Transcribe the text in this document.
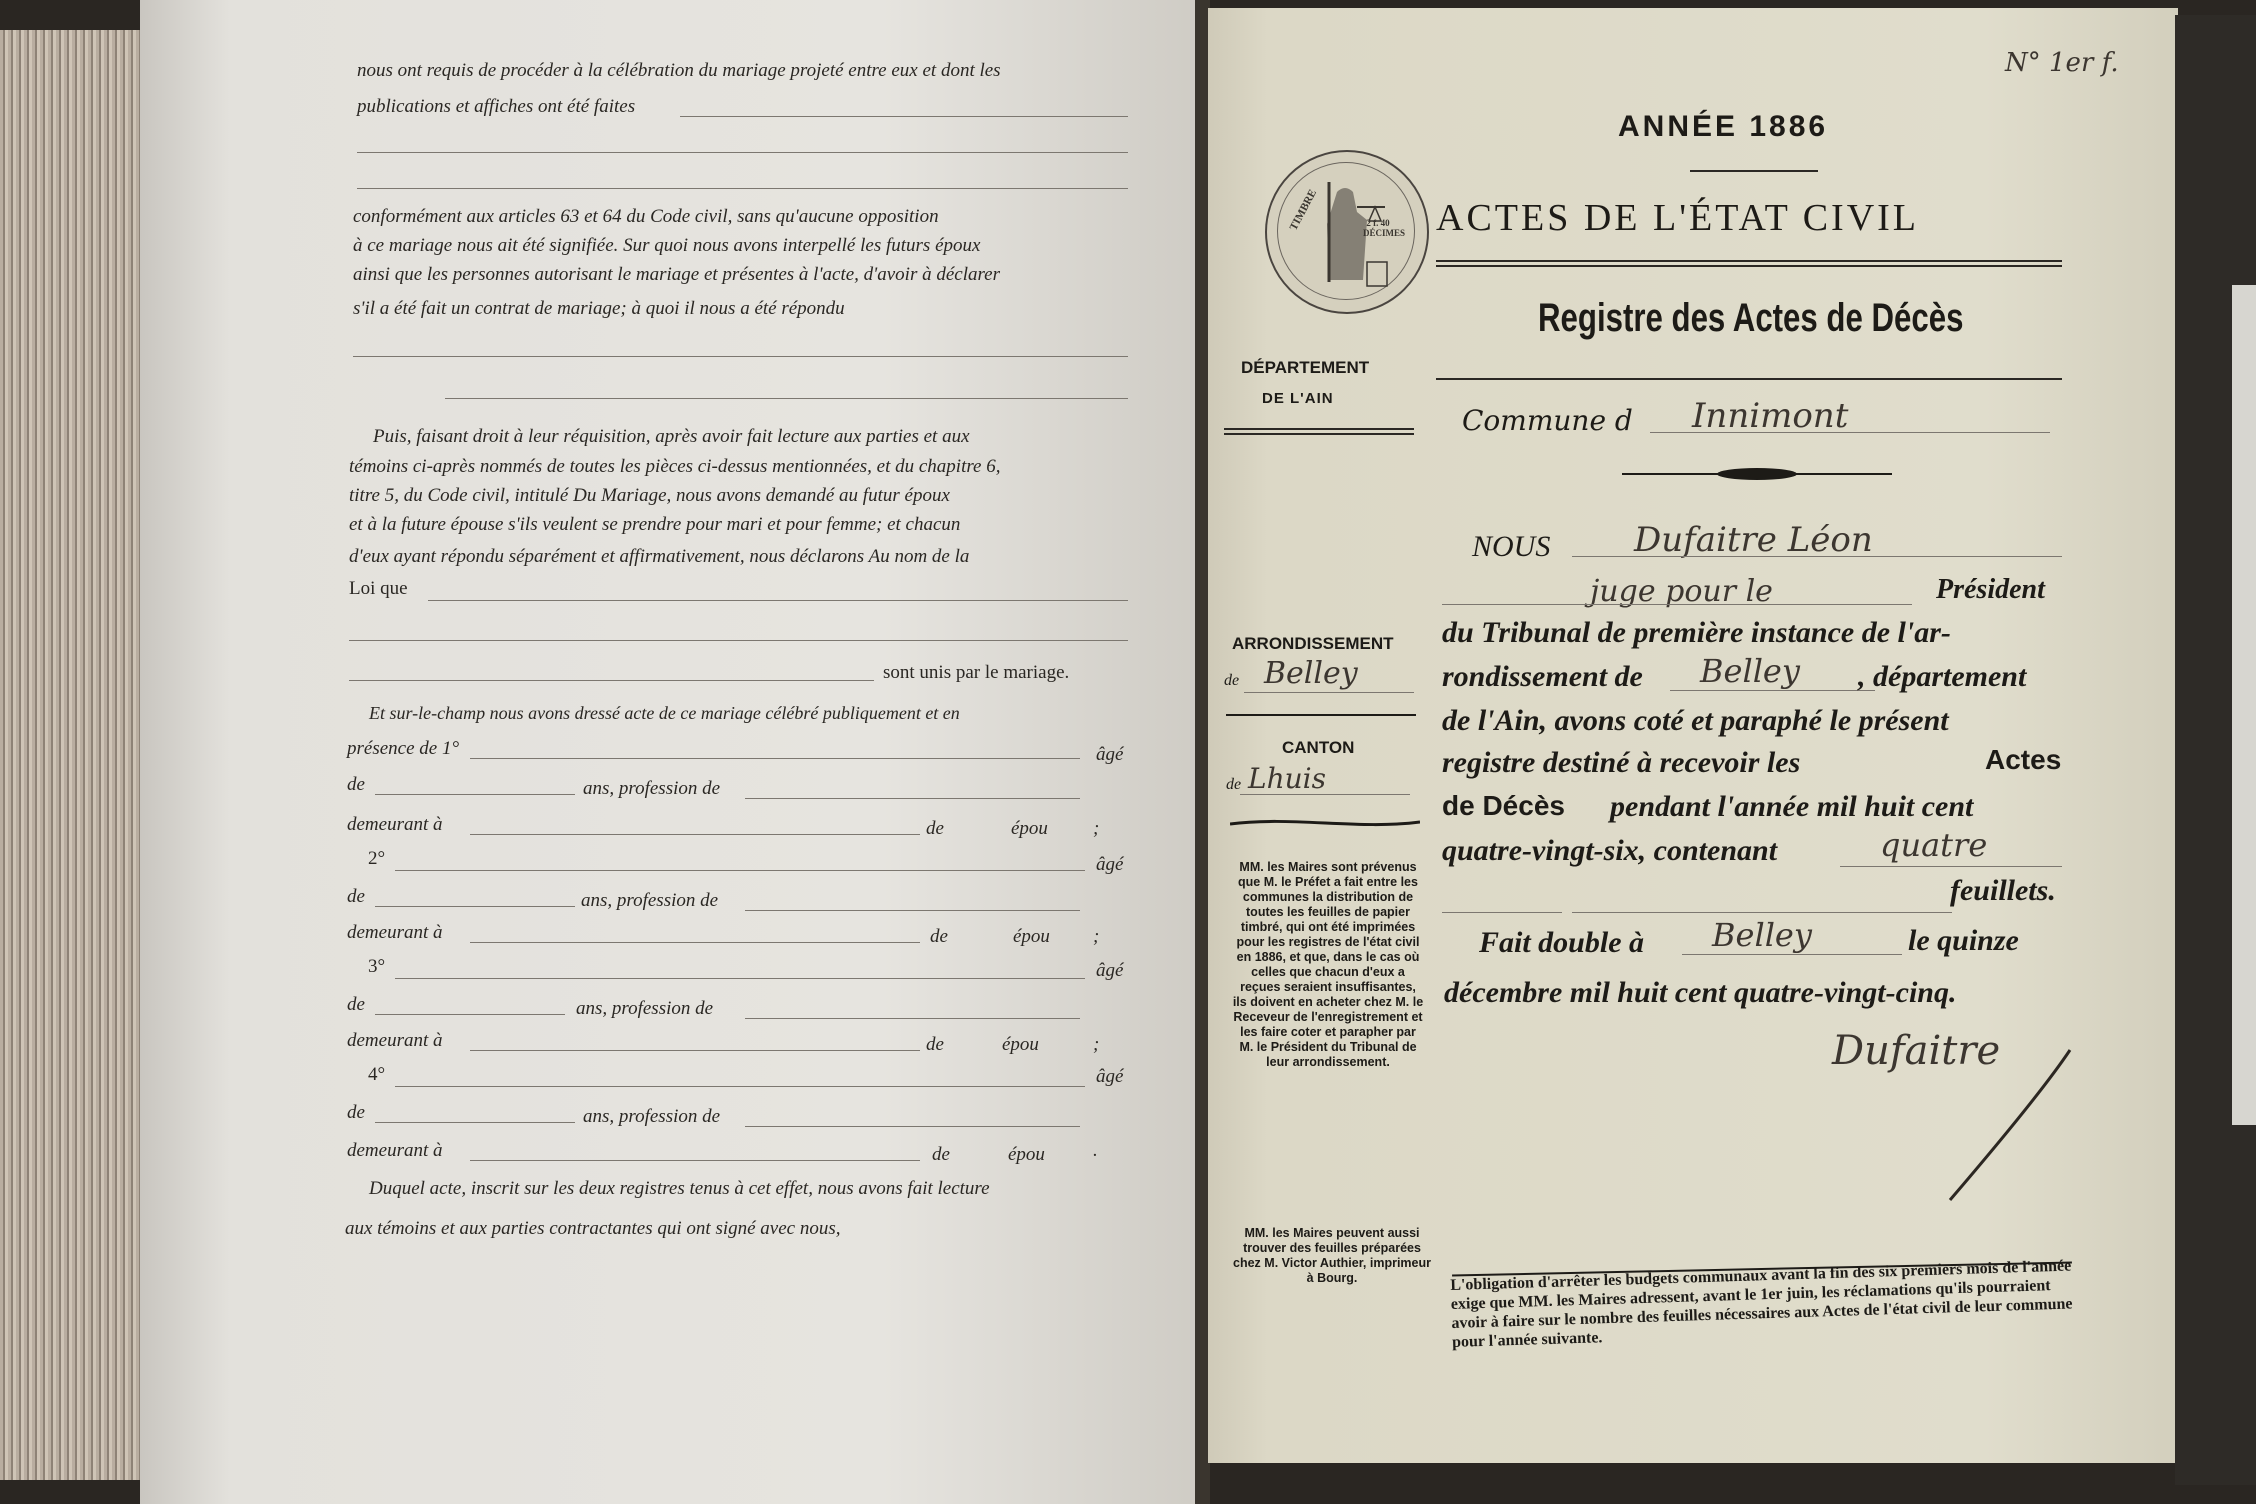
nous ont requis de procéder à la célébration du mariage projeté entre eux et dont les
publications et affiches ont été faites
conformément aux articles 63 et 64 du Code civil, sans qu'aucune opposition
à ce mariage nous ait été signifiée. Sur quoi nous avons interpellé les futurs époux
ainsi que les personnes autorisant le mariage et présentes à l'acte, d'avoir à déclarer
s'il a été fait un contrat de mariage; à quoi il nous a été répondu
Puis, faisant droit à leur réquisition, après avoir fait lecture aux parties et aux
témoins ci-après nommés de toutes les pièces ci-dessus mentionnées, et du chapitre 6,
titre 5, du Code civil, intitulé Du Mariage, nous avons demandé au futur époux
et à la future épouse s'ils veulent se prendre pour mari et pour femme; et chacun
d'eux ayant répondu séparément et affirmativement, nous déclarons Au nom de la
Loi que
sont unis par le mariage.
Et sur-le-champ nous avons dressé acte de ce mariage célébré publiquement et en
présence de 1°	âgé
de	ans, profession de
demeurant à	de	épou ;
2°	âgé
de	ans, profession de
demeurant à	de	épou ;
3°	âgé
de	ans, profession de
demeurant à	de	épou	;
4°	âgé
de	ans, profession de
demeurant à	de	épou	.
Duquel acte, inscrit sur les deux registres tenus à cet effet, nous avons fait lecture
aux témoins et aux parties contractantes qui ont signé avec nous,
N° 1er f.
TIMBRE	2 f. 40 DÉCIMES
ANNÉE 1886
ACTES DE L'ÉTAT CIVIL
Registre des Actes de Décès
DÉPARTEMENT
DE L'AIN
Commune d Innimont
NOUS Dufaitre Léon
juge pour le	Président
ARRONDISSEMENT
de Belley
du Tribunal de première instance de l'ar-
rondissement de Belley , département
de l'Ain, avons coté et paraphé le présent
registre destiné à recevoir les	Actes
CANTON
de Lhuis
de Décès pendant l'année mil huit cent
quatre-vingt-six, contenant	quatre
feuillets.
Fait double à Belley	le quinze
décembre mil huit cent quatre-vingt-cinq.
Dufaitre
MM. les Maires sont prévenus que M. le Préfet a fait entre les communes la distribution de toutes les feuilles de papier timbré, qui ont été imprimées pour les registres de l'état civil en 1886, et que, dans le cas où celles que chacun d'eux a reçues seraient insuffisantes, ils doivent en acheter chez M. le Receveur de l'enregistrement et les faire coter et parapher par M. le Président du Tribunal de leur arrondissement.
MM. les Maires peuvent aussi trouver des feuilles préparées chez M. Victor Authier, imprimeur à Bourg.	L'obligation d'arrêter les budgets communaux avant la fin des six premiers mois de l'année exige que MM. les Maires adressent, avant le 1er juin, les réclamations qu'ils pourraient avoir à faire sur le nombre des feuilles nécessaires aux Actes de l'état civil de leur commune pour l'année suivante.
